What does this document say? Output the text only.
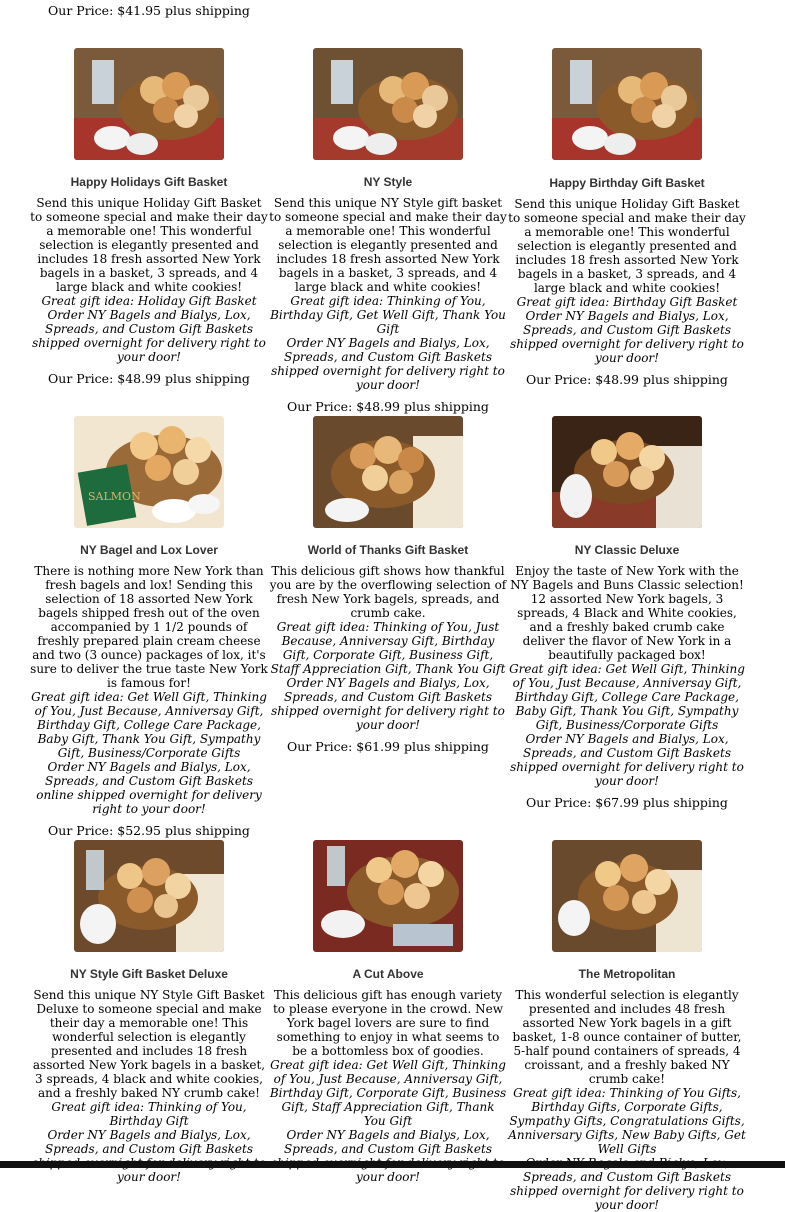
Our Price: $41.95 plus shipping
Happy Holidays Gift Basket

Send this unique Holiday Gift Basket to someone special and make their day a memorable one! This wonderful selection is elegantly presented and includes 18 fresh assorted New York bagels in a basket, 3 spreads, and 4 large black and white cookies!

Great gift idea: Holiday Gift Basket

Order NY Bagels and Bialys, Lox, Spreads, and Custom Gift Baskets shipped overnight for delivery right to your door!

Our Price: $48.99 plus shipping
NY Style

Send this unique NY Style gift basket to someone special and make their day a memorable one! This wonderful selection is elegantly presented and includes 18 fresh assorted New York bagels in a basket, 3 spreads, and 4 large black and white cookies!

Great gift idea: Thinking of You, Birthday Gift, Get Well Gift, Thank You Gift

Order NY Bagels and Bialys, Lox, Spreads, and Custom Gift Baskets shipped overnight for delivery right to your door!

Our Price: $48.99 plus shipping
Happy Birthday Gift Basket

Send this unique Holiday Gift Basket to someone special and make their day a memorable one! This wonderful selection is elegantly presented and includes 18 fresh assorted New York bagels in a basket, 3 spreads, and 4 large black and white cookies!

Great gift idea: Birthday Gift Basket

Order NY Bagels and Bialys, Lox, Spreads, and Custom Gift Baskets shipped overnight for delivery right to your door!

Our Price: $48.99 plus shipping
SALMON
NY Bagel and Lox Lover

There is nothing more New York than fresh bagels and lox! Sending this selection of 18 assorted New York bagels shipped fresh out of the oven accompanied by 1 1/2 pounds of freshly prepared plain cream cheese and two (3 ounce) packages of lox, it's sure to deliver the true taste New York is famous for!

Great gift idea: Get Well Gift, Thinking of You, Just Because, Anniversay Gift, Birthday Gift, College Care Package, Baby Gift, Thank You Gift, Sympathy Gift, Business/Corporate Gifts

Order NY Bagels and Bialys, Lox, Spreads, and Custom Gift Baskets online shipped overnight for delivery right to your door!

Our Price: $52.95 plus shipping
World of Thanks Gift Basket

This delicious gift shows how thankful you are by the overflowing selection of fresh New York bagels, spreads, and crumb cake.

Great gift idea: Thinking of You, Just Because, Anniversay Gift, Birthday Gift, Corporate Gift, Business Gift, Staff Appreciation Gift, Thank You Gift

Order NY Bagels and Bialys, Lox, Spreads, and Custom Gift Baskets shipped overnight for delivery right to your door!

Our Price: $61.99 plus shipping
NY Classic Deluxe

Enjoy the taste of New York with the NY Bagels and Buns Classic selection! 12 assorted New York bagels, 3 spreads, 4 Black and White cookies, and a freshly baked crumb cake deliver the flavor of New York in a beautifully packaged box!

Great gift idea: Get Well Gift, Thinking of You, Just Because, Anniversay Gift, Birthday Gift, College Care Package, Baby Gift, Thank You Gift, Sympathy Gift, Business/Corporate Gifts

Order NY Bagels and Bialys, Lox, Spreads, and Custom Gift Baskets shipped overnight for delivery right to your door!

Our Price: $67.99 plus shipping
NY Style Gift Basket Deluxe

Send this unique NY Style Gift Basket Deluxe to someone special and make their day a memorable one! This wonderful selection is elegantly presented and includes 18 fresh assorted New York bagels in a basket, 3 spreads, 4 black and white cookies, and a freshly baked NY crumb cake!

Great gift idea: Thinking of You, Birthday Gift

Order NY Bagels and Bialys, Lox, Spreads, and Custom Gift Baskets your door!

A Cut Above

This delicious gift has enough variety to please everyone in the crowd. New York bagel lovers are sure to find something to enjoy in what seems to be a bottomless box of goodies.

Great gift idea: Get Well Gift, Thinking of You, Just Because, Anniversay Gift, Birthday Gift, Corporate Gift, Business Gift, Staff Appreciation Gift, Thank You Gift

Order NY Bagels and Bialys, Lox, Spreads, and Custom Gift Baskets your door!

The Metropolitan

This wonderful selection is elegantly presented and includes 48 fresh assorted New York bagels in a gift basket, 1-8 ounce container of butter, 5-half pound containers of spreads, 4 croissant, and a freshly baked NY crumb cake!

Great gift idea: Thinking of You Gifts, Birthday Gifts, Corporate Gifts, Sympathy Gifts, Congratulations Gifts, Anniversary Gifts, New Baby Gifts, Get Well Gifts

Spreads, and Custom Gift Baskets shipped overnight for delivery right to your door!
